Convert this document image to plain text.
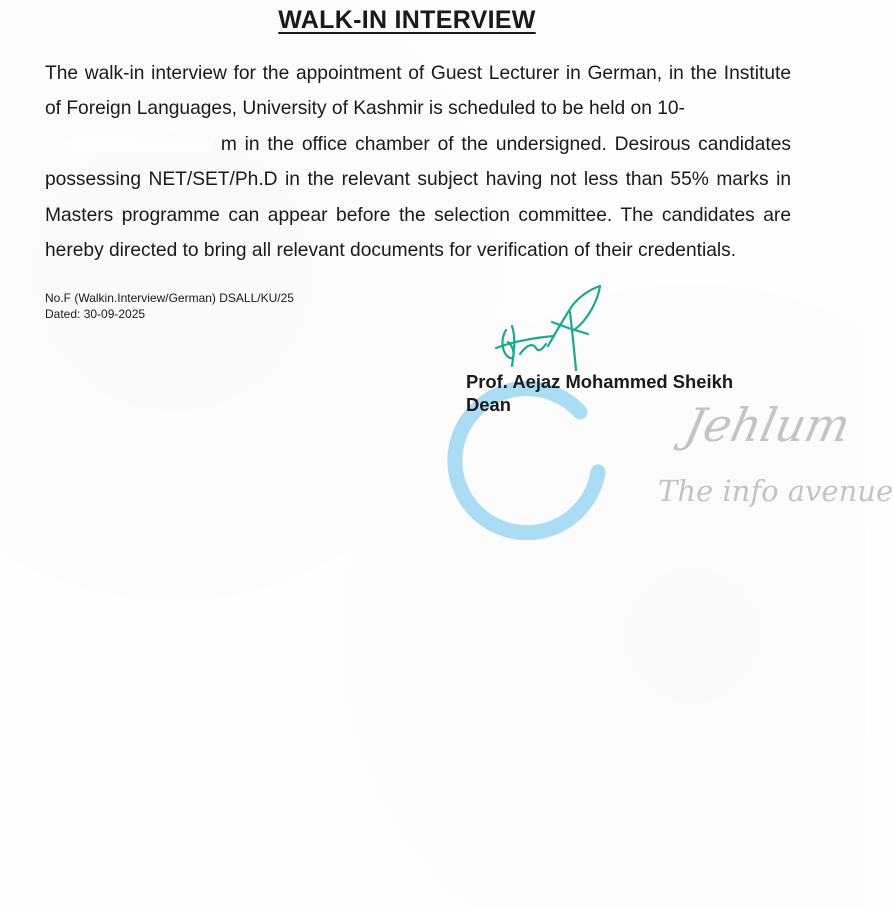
WALK-IN INTERVIEW

The walk-in interview for the appointment of Guest Lecturer in German, in the Institute of Foreign Languages, University of Kashmir is scheduled to be held on 10-
m in the office chamber of the undersigned. Desirous candidates possessing NET/SET/Ph.D in the relevant subject having not less than 55% marks in Masters programme can appear before the selection committee. The candidates are hereby directed to bring all relevant documents for verification of their credentials.

No.F (Walkin.Interview/German) DSALL/KU/25
Dated: 30-09-2025
Prof. Aejaz Mohammed Sheikh
Dean	Jehlum
The info avenue
